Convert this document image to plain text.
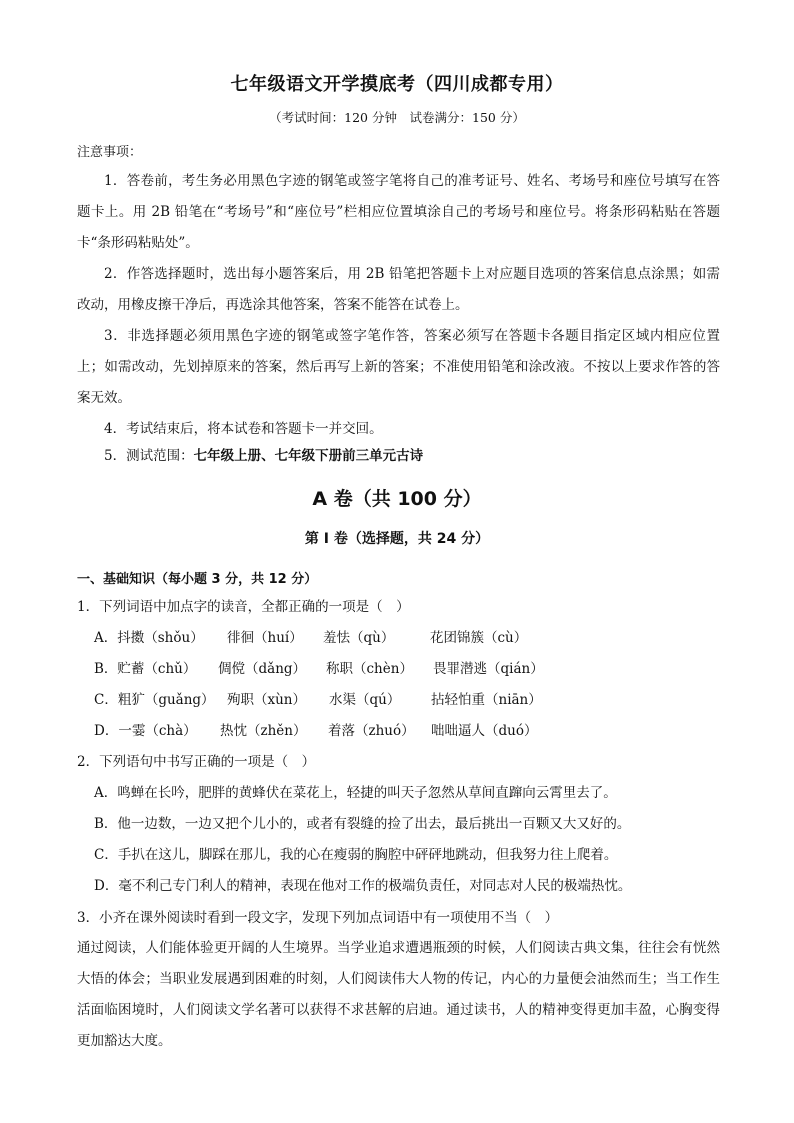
七年级语文开学摸底考（四川成都专用）
（考试时间：120 分钟　试卷满分：150 分）
注意事项：
1．答卷前，考生务必用黑色字迹的钢笔或签字笔将自己的准考证号、姓名、考场号和座位号填写在答题卡上。用 2B 铅笔在“考场号”和“座位号”栏相应位置填涂自己的考场号和座位号。将条形码粘贴在答题卡“条形码粘贴处”。
2．作答选择题时，选出每小题答案后，用 2B 铅笔把答题卡上对应题目选项的答案信息点涂黑；如需改动，用橡皮擦干净后，再选涂其他答案，答案不能答在试卷上。
3．非选择题必须用黑色字迹的钢笔或签字笔作答，答案必须写在答题卡各题目指定区域内相应位置上；如需改动，先划掉原来的答案，然后再写上新的答案；不准使用铅笔和涂改液。不按以上要求作答的答案无效。
4．考试结束后，将本试卷和答题卡一并交回。
5．测试范围：七年级上册、七年级下册前三单元古诗
A 卷（共 100 分）
第 I 卷（选择题，共 24 分）
一、基础知识（每小题 3 分，共 12 分）
1．下列词语中加点字的读音，全都正确的一项是（　）
A．抖擞（shǒu） 徘徊（huí） 羞怯（qù）	花团锦簇（cù）
B．贮蓄（chǔ） 倜傥（dǎng） 称职（chèn） 畏罪潜逃（qián）
C．粗犷（guǎng） 殉职（xùn） 水渠（qú） 拈轻怕重（niān）
D．一霎（chà） 热忱（zhěn） 着落（zhuó） 咄咄逼人（duó）
2．下列语句中书写正确的一项是（　）
A．鸣蝉在长吟，肥胖的黄蜂伏在菜花上，轻捷的叫天子忽然从草间直蹿向云霄里去了。
B．他一边数，一边又把个儿小的，或者有裂缝的捡了出去，最后挑出一百颗又大又好的。
C．手扒在这儿，脚踩在那儿，我的心在瘦弱的胸腔中砰砰地跳动，但我努力往上爬着。
D．毫不利己专门利人的精神，表现在他对工作的极端负责任，对同志对人民的极端热忱。
3．小齐在课外阅读时看到一段文字，发现下列加点词语中有一项使用不当（　）
通过阅读，人们能体验更开阔的人生境界。当学业追求遭遇瓶颈的时候，人们阅读古典文集，往往会有恍然大悟的体会；当职业发展遇到困难的时刻，人们阅读伟大人物的传记，内心的力量便会油然而生；当工作生活面临困境时，人们阅读文学名著可以获得不求甚解的启迪。通过读书，人的精神变得更加丰盈，心胸变得更加豁达大度。
